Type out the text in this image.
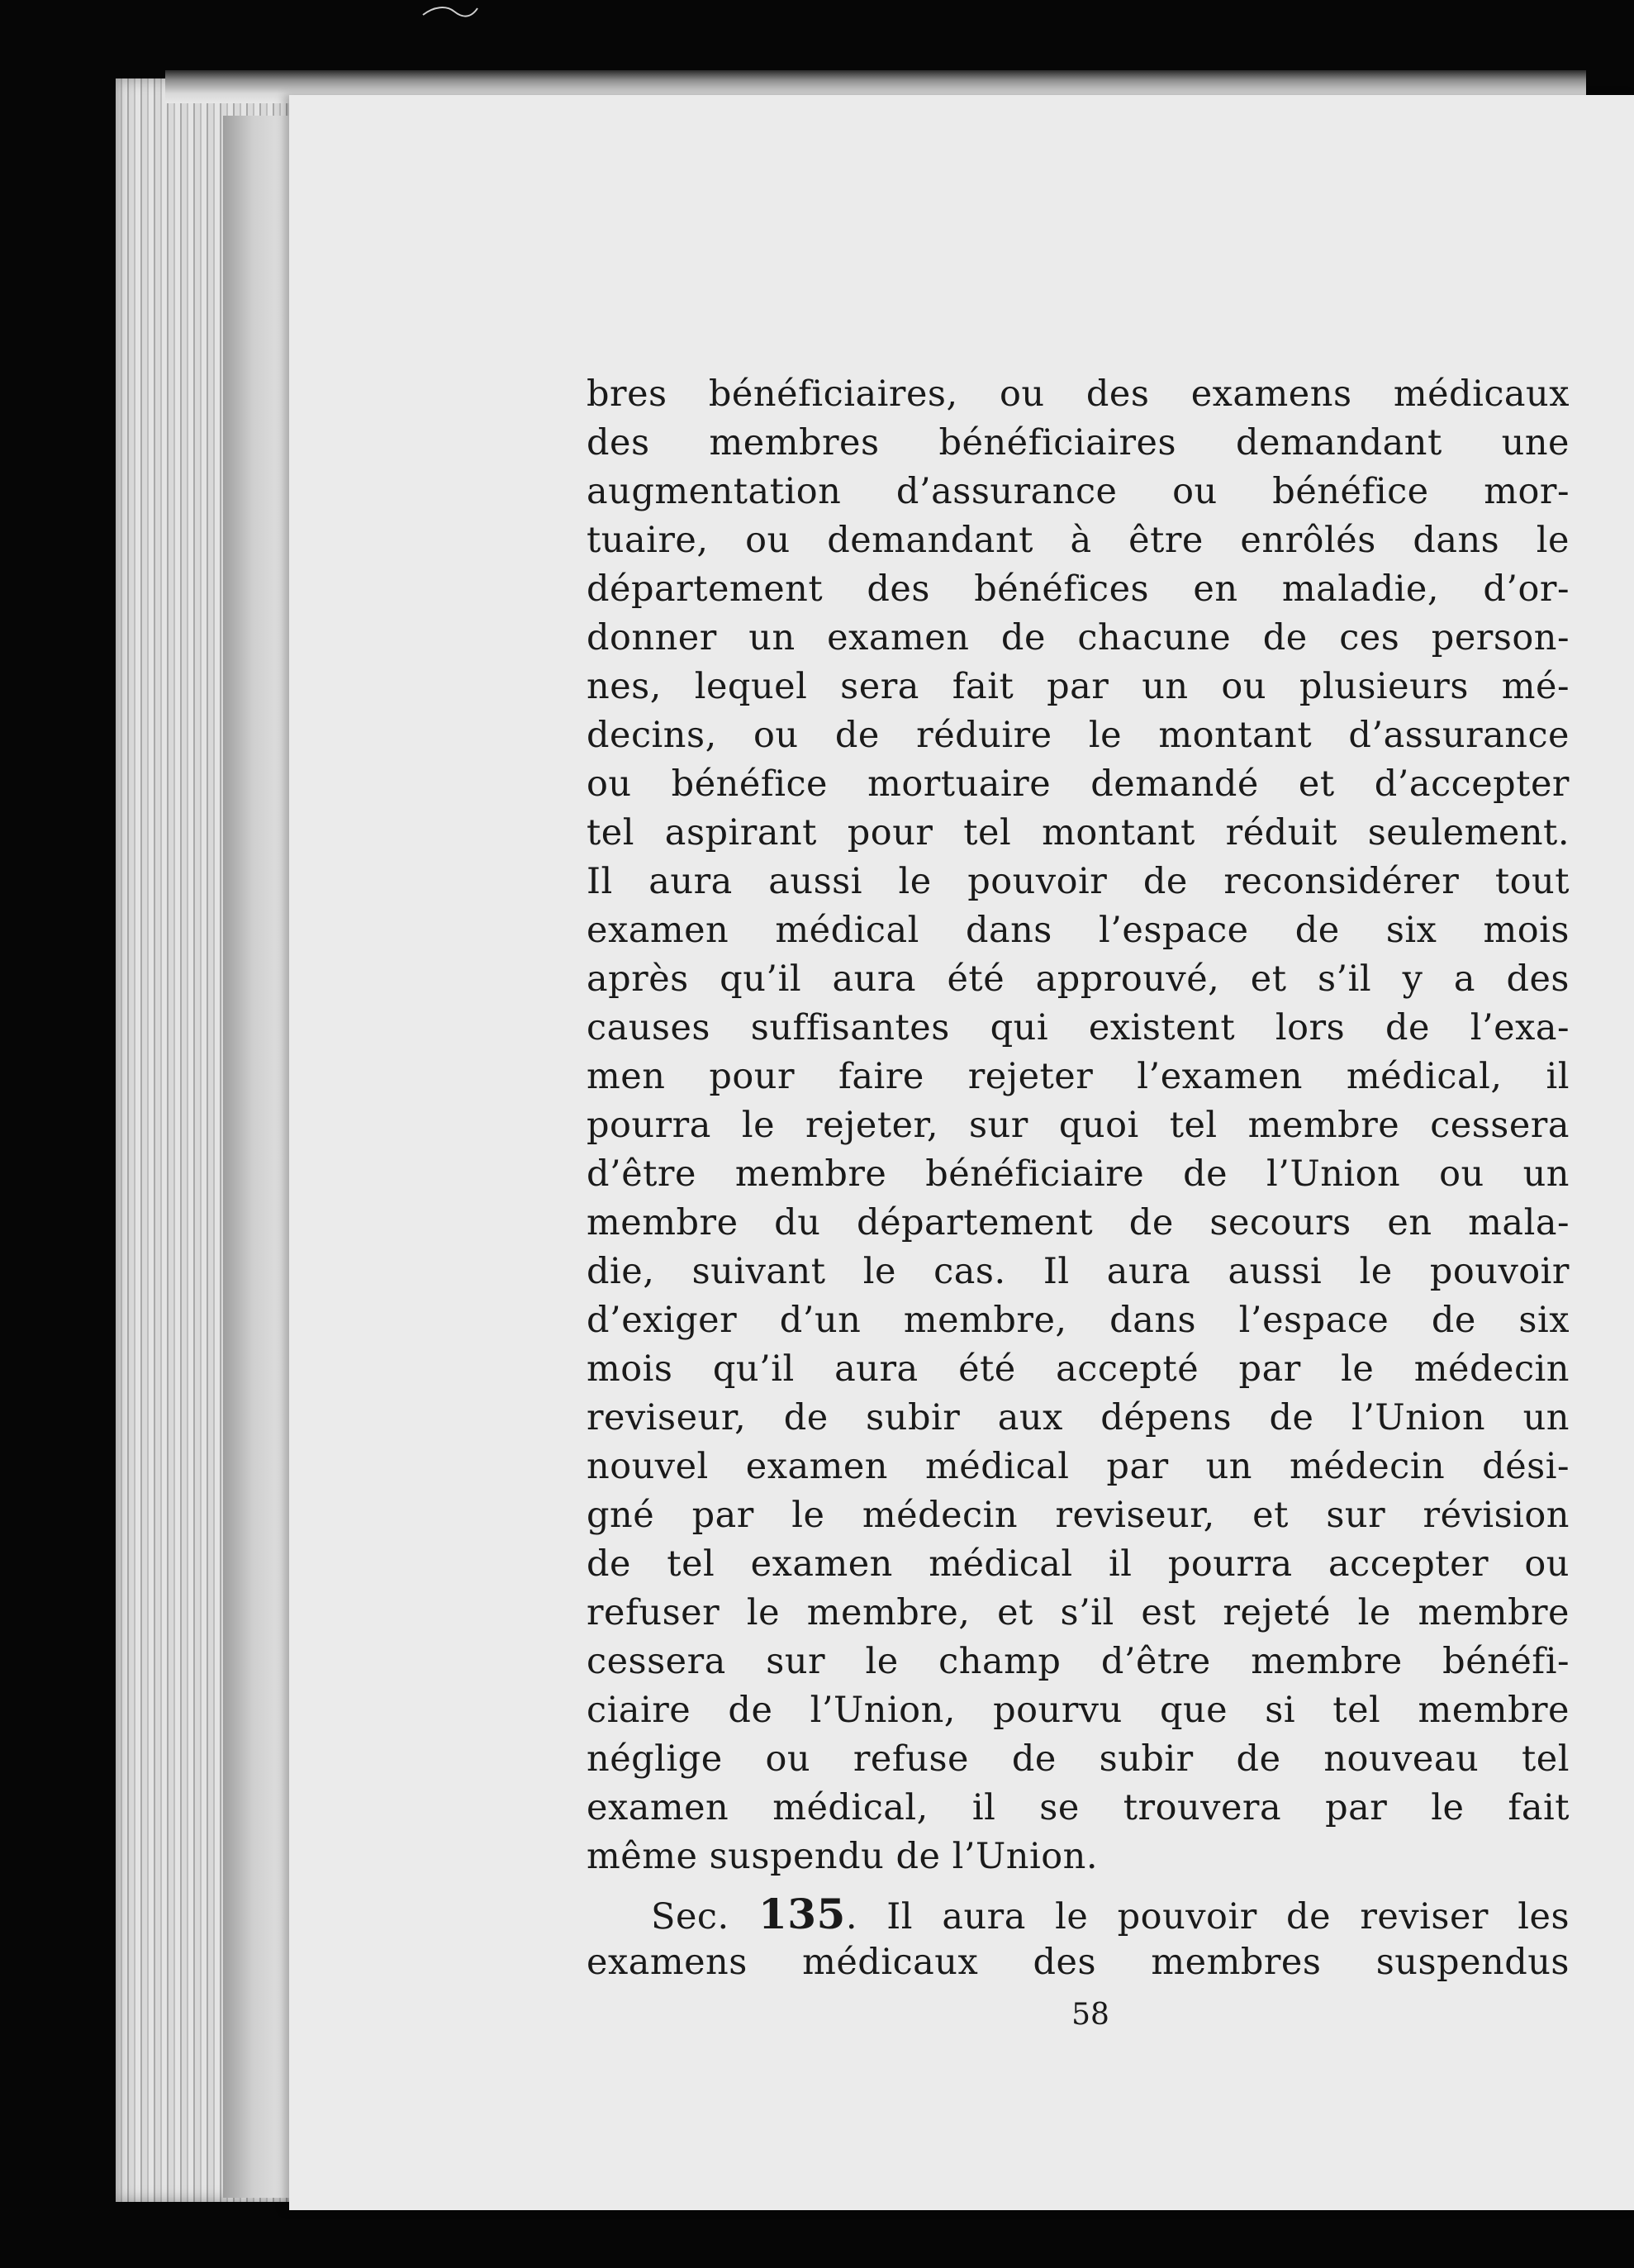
bres bénéficiaires, ou des examens médicaux
des membres bénéficiaires demandant une
augmentation d’assurance ou bénéfice mor-
tuaire, ou demandant à être enrôlés dans le
département des bénéfices en maladie, d’or-
donner un examen de chacune de ces person-
nes, lequel sera fait par un ou plusieurs mé-
decins, ou de réduire le montant d’assurance
ou bénéfice mortuaire demandé et d’accepter
tel aspirant pour tel montant réduit seulement.
Il aura aussi le pouvoir de reconsidérer tout
examen médical dans l’espace de six mois
après qu’il aura été approuvé, et s’il y a des
causes suffisantes qui existent lors de l’exa-
men pour faire rejeter l’examen médical, il
pourra le rejeter, sur quoi tel membre cessera
d’être membre bénéficiaire de l’Union ou un
membre du département de secours en mala-
die, suivant le cas. Il aura aussi le pouvoir
d’exiger d’un membre, dans l’espace de six
mois qu’il aura été accepté par le médecin
reviseur, de subir aux dépens de l’Union un
nouvel examen médical par un médecin dési-
gné par le médecin reviseur, et sur révision
de tel examen médical il pourra accepter ou
refuser le membre, et s’il est rejeté le membre
cessera sur le champ d’être membre bénéfi-
ciaire de l’Union, pourvu que si tel membre
néglige ou refuse de subir de nouveau tel
examen médical, il se trouvera par le fait
même suspendu de l’Union.
Sec. 135. Il aura le pouvoir de reviser les
examens médicaux des membres suspendus
58
